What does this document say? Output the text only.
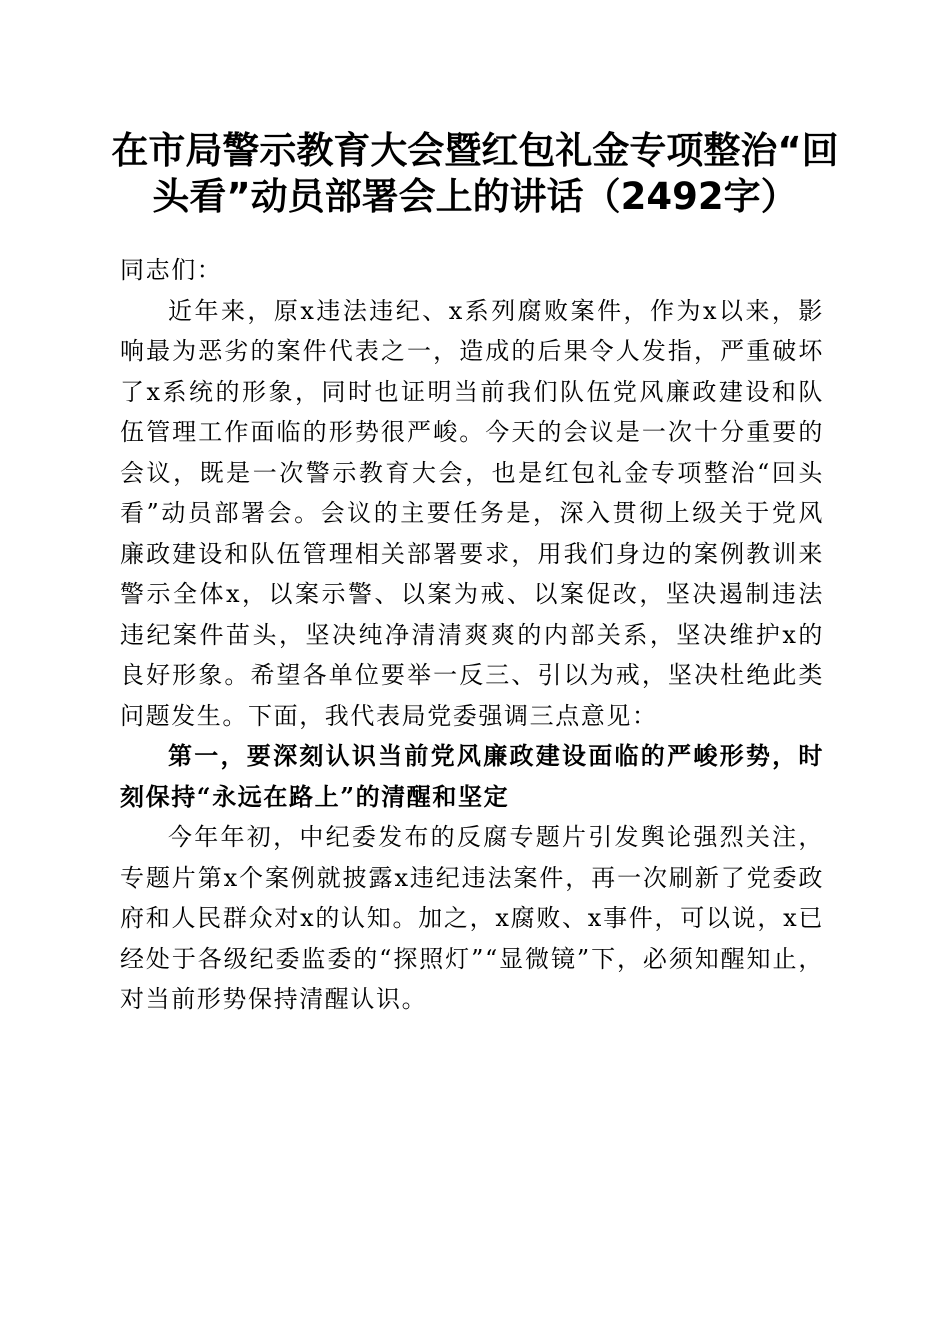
在市局警示教育大会暨红包礼金专项整治“回头看”动员部署会上的讲话（2492字）

同志们：

近年来，原x违法违纪、x系列腐败案件，作为x以来，影响最为恶劣的案件代表之一，造成的后果令人发指，严重破坏了x系统的形象，同时也证明当前我们队伍党风廉政建设和队伍管理工作面临的形势很严峻。今天的会议是一次十分重要的会议，既是一次警示教育大会，也是红包礼金专项整治“回头看”动员部署会。会议的主要任务是，深入贯彻上级关于党风廉政建设和队伍管理相关部署要求，用我们身边的案例教训来警示全体x，以案示警、以案为戒、以案促改，坚决遏制违法违纪案件苗头，坚决纯净清清爽爽的内部关系，坚决维护x的良好形象。希望各单位要举一反三、引以为戒，坚决杜绝此类问题发生。下面，我代表局党委强调三点意见：

第一，要深刻认识当前党风廉政建设面临的严峻形势，时刻保持“永远在路上”的清醒和坚定

今年年初，中纪委发布的反腐专题片引发舆论强烈关注，专题片第x个案例就披露x违纪违法案件，再一次刷新了党委政府和人民群众对x的认知。加之，x腐败、x事件，可以说，x已经处于各级纪委监委的“探照灯”“显微镜”下，必须知醒知止，对当前形势保持清醒认识。
